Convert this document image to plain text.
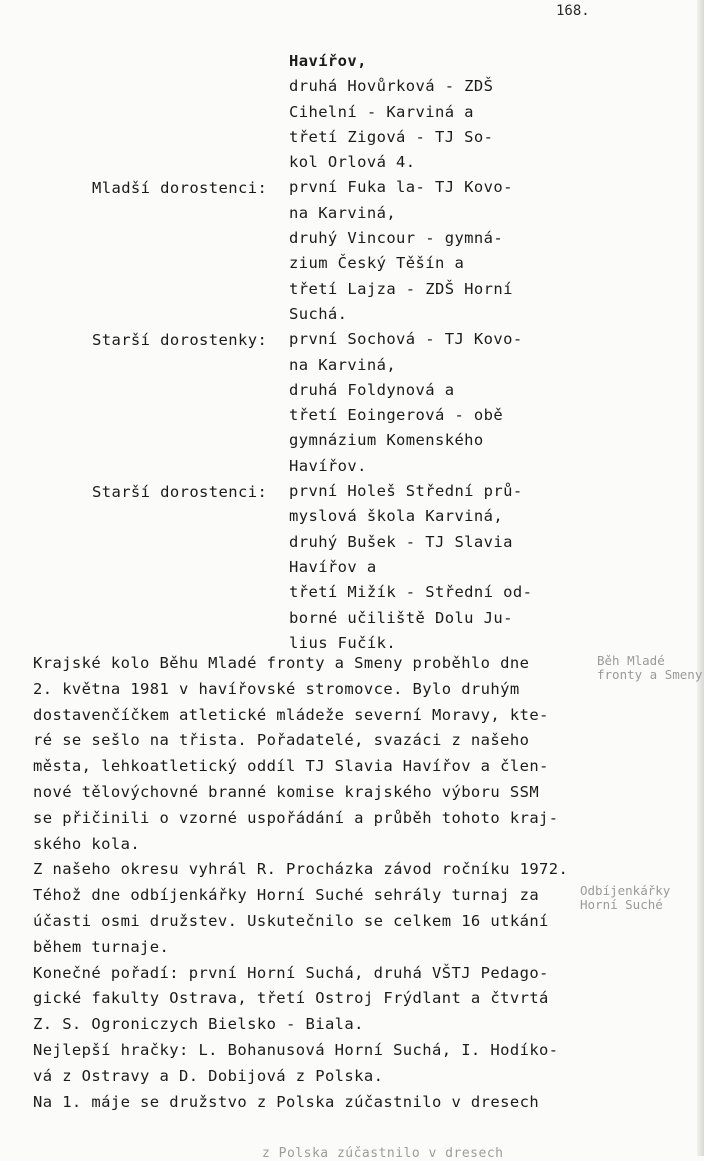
168.
Havířov,
druhá Hovůrková - ZDŠ
Cihelní - Karviná a
třetí Zigová - TJ So-
kol Orlová 4.
první Fuka la- TJ Kovo-
na Karviná,
druhý Vincour - gymná-
zium Český Těšín a
třetí Lajza - ZDŠ Horní
Suchá.
první Sochová - TJ Kovo-
na Karviná,
druhá Foldynová a
třetí Eoingerová - obě
gymnázium Komenského
Havířov.
první Holeš Střední prů-
myslová škola Karviná,
druhý Bušek - TJ Slavia
Havířov a
třetí Mižík - Střední od-
borné učiliště Dolu Ju-
lius Fučík.
Mladší dorostenci:
Starší dorostenky:
Starší dorostenci:
Krajské kolo Běhu Mladé fronty a Smeny proběhlo dne
2. května 1981 v havířovské stromovce. Bylo druhým
dostavenčíčkem atletické mládeže severní Moravy, kte-
ré se sešlo na třista. Pořadatelé, svazáci z našeho
města, lehkoatletický oddíl TJ Slavia Havířov a člen-
nové tělovýchovné branné komise krajského výboru SSM
se přičinili o vzorné uspořádání a průběh tohoto kraj-
ského kola.
Z našeho okresu vyhrál R. Procházka závod ročníku 1972.
Téhož dne odbíjenkářky Horní Suché sehrály turnaj za
účasti osmi družstev. Uskutečnilo se celkem 16 utkání
během turnaje.
Konečné pořadí: první Horní Suchá, druhá VŠTJ Pedago-
gické fakulty Ostrava, třetí Ostroj Frýdlant a čtvrtá
Z. S. Ogroniczych Bielsko - Biala.
Nejlepší hračky: L. Bohanusová Horní Suchá, I. Hodíko-
vá z Ostravy a D. Dobijová z Polska.
Na 1. máje se družstvo z Polska zúčastnilo v dresech
Běh Mladé
fronty a Smeny
Odbíjenkářky
Horní Suché
z Polska zúčastnilo v dresech
